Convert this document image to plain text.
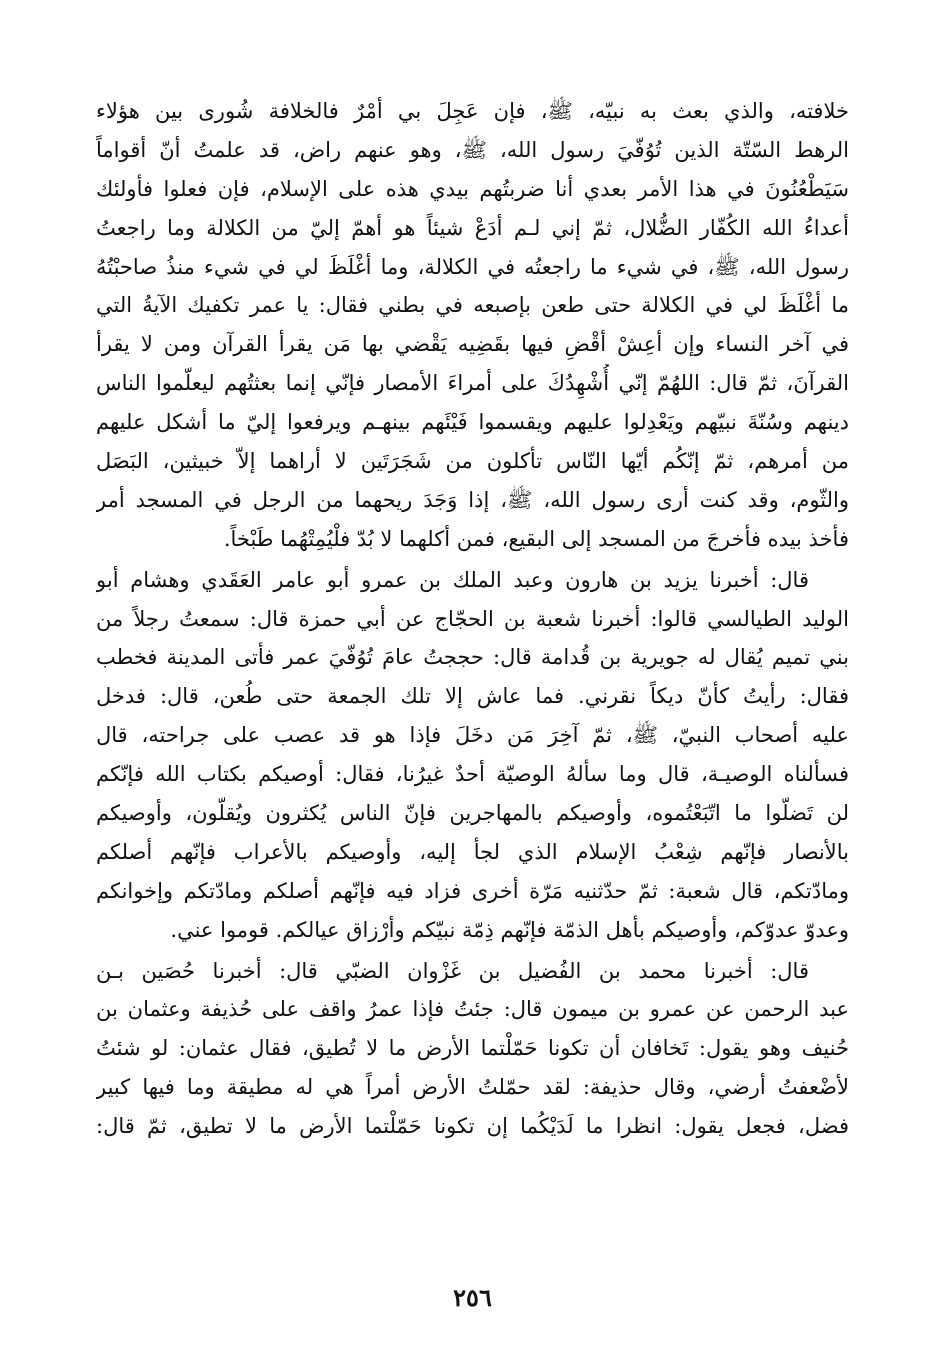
خلافته، والذي بعث به نبيّه، ﷺ، فإن عَجِلَ بي أمْرٌ فالخلافة شُورى بين هؤلاء
الرهط السّتّة الذين تُوُفّيَ رسول الله، ﷺ، وهو عنهم راض، قد علمتُ أنّ أقواماً
سَيَطْعُنُونَ في هذا الأمر بعدي أنا ضربتُهم بيدي هذه على الإسلام، فإن فعلوا فأولئك
أعداءُ الله الكُفّار الضُّلال، ثمّ إني لـم أدَعْ شيئاً هو أهمّ إليّ من الكلالة وما راجعتُ
رسول الله، ﷺ، في شيء ما راجعتُه في الكلالة، وما أغْلَظَ لي في شيء منذُ صاحبْتُهُ
ما أغْلَظَ لي في الكلالة حتى طعن بإصبعه في بطني فقال: يا عمر تكفيك الآيةُ التي
في آخر النساء وإن أعِشْ أقْضِ فيها بقَضِيه يَقْضي بها مَن يقرأ القرآن ومن لا يقرأ
القرآنَ، ثمّ قال: اللهُمّ إنّي أُشْهِدُكَ على أمراءَ الأمصار فإنّي إنما بعثتُهم ليعلّموا الناس
دينهم وسُنّةَ نبيّهم ويَعْدِلوا عليهم ويقسموا فَيْئَهم بينهـم ويرفعوا إليّ ما أشكل عليهم
من أمرهم، ثمّ إنّكُم أيّها النّاس تأكلون من شَجَرَتَين لا أراهما إلاّ خبيثين، البَصَل
والثّوم، وقد كنت أرى رسول الله، ﷺ، إذا وَجَدَ ريحهما من الرجل في المسجد أمر
فأخذ بيده فأخرجَ من المسجد إلى البقيع، فمن أكلهما لا بُدّ فلْيُمِتْهُما طَبْخاً.
قال: أخبرنا يزيد بن هارون وعبد الملك بن عمرو أبو عامر العَقَدي وهشام أبو
الوليد الطيالسي قالوا: أخبرنا شعبة بن الحجّاج عن أبي حمزة قال: سمعتُ رجلاً من
بني تميم يُقال له جويرية بن قُدامة قال: حججتُ عامَ تُوُفّيَ عمر فأتى المدينة فخطب
فقال: رأيتُ كأنّ ديكاً نقرني. فما عاش إلا تلك الجمعة حتى طُعن، قال: فدخل
عليه أصحاب النبيّ، ﷺ، ثمّ آخِرَ مَن دخَلَ فإذا هو قد عصب على جراحته، قال
فسألناه الوصيـة، قال وما سألهُ الوصيّة أحدٌ غيرُنا، فقال: أوصيكم بكتاب الله فإنّكم
لن تَضلّوا ما اتّبَعْتُموه، وأوصيكم بالمهاجرين فإنّ الناس يُكثرون ويُقلّون، وأوصيكم
بالأنصار فإنّهم شِعْبُ الإسلام الذي لجأ إليه، وأوصيكم بالأعراب فإنّهم أصلكم
ومادّتكم، قال شعبة: ثمّ حدّثنيه مَرّة أخرى فزاد فيه فإنّهم أصلكم ومادّتكم وإخوانكم
وعدوّ عدوّكم، وأوصيكم بأهل الذمّة فإنّهم ذِمّة نبيّكم وأرْزاق عيالكم. قوموا عني.
قال: أخبرنا محمد بن الفُضيل بن غَزْوان الضبّي قال: أخبرنا حُصَين بـن
عبد الرحمن عن عمرو بن ميمون قال: جئتُ فإذا عمرُ واقف على حُذيفة وعثمان بن
حُنيف وهو يقول: تَخافان أن تكونا حَمّلْتما الأرض ما لا تُطيق، فقال عثمان: لو شئتُ
لأضْعفتُ أرضي، وقال حذيفة: لقد حمّلتُ الأرض أمراً هي له مطيقة وما فيها كبير
فضل، فجعل يقول: انظرا ما لَدَيْكُما إن تكونا حَمّلْتما الأرض ما لا تطيق، ثمّ قال:
٢٥٦
